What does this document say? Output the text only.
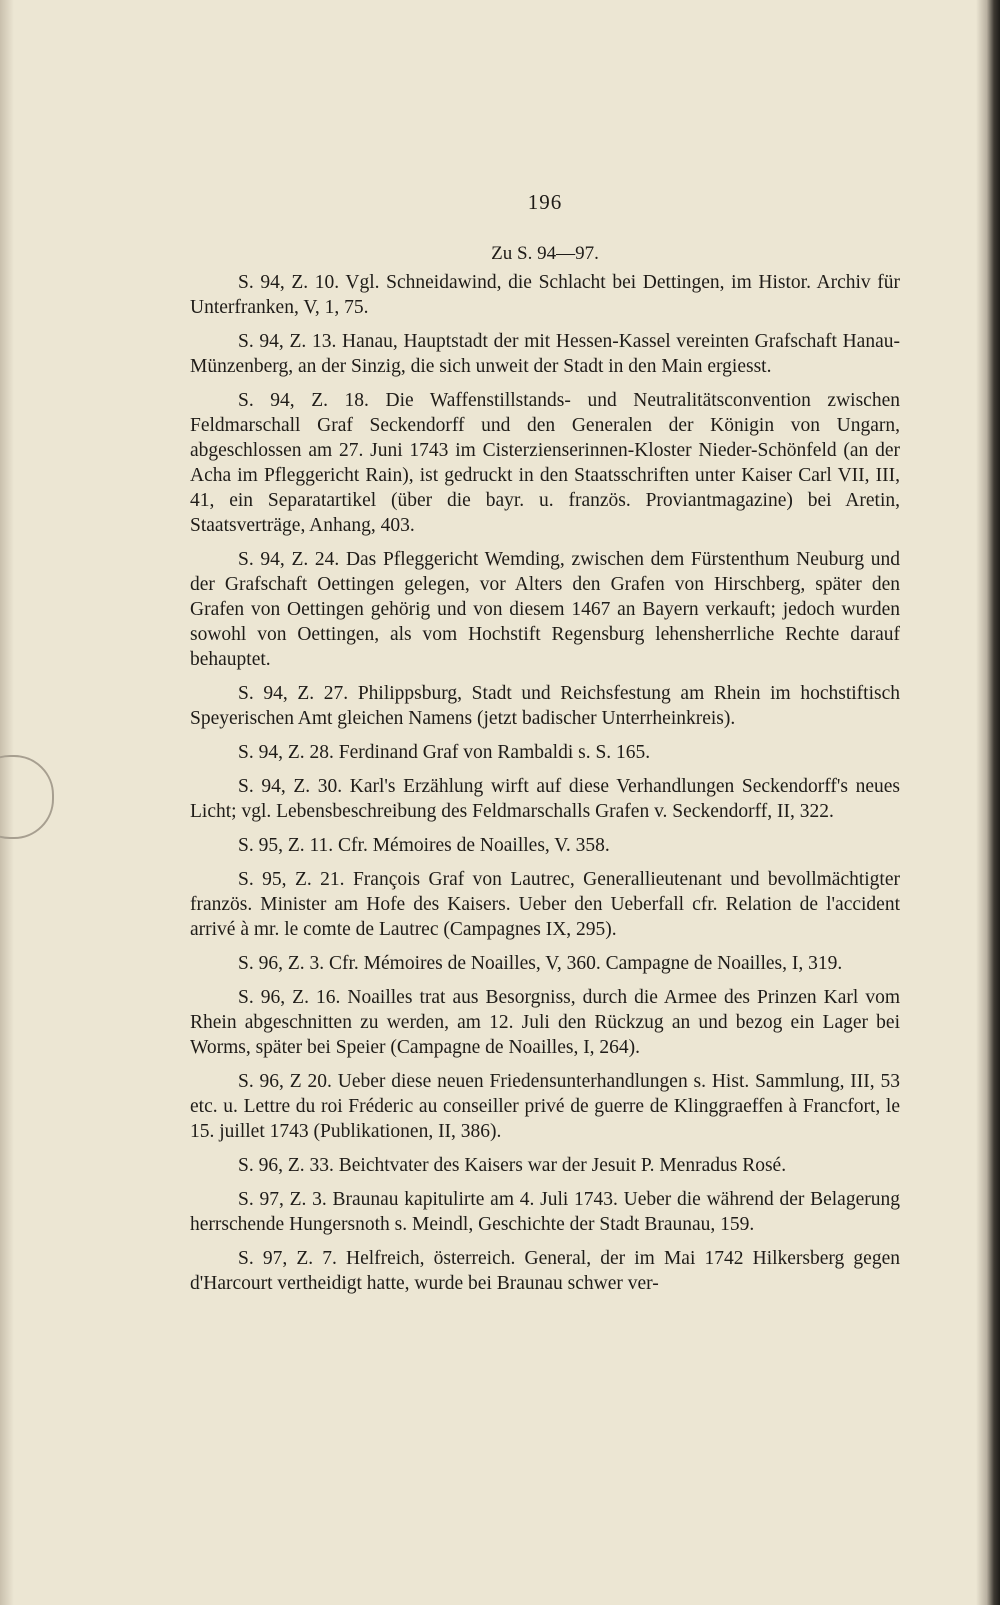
196
Zu S. 94—97.

S. 94, Z. 10. Vgl. Schneidawind, die Schlacht bei Dettingen, im Histor. Archiv für Unterfranken, V, 1, 75.

S. 94, Z. 13. Hanau, Hauptstadt der mit Hessen-Kassel vereinten Grafschaft Hanau-Münzenberg, an der Sinzig, die sich unweit der Stadt in den Main ergiesst.

S. 94, Z. 18. Die Waffenstillstands- und Neutralitätsconvention zwischen Feldmarschall Graf Seckendorff und den Generalen der Königin von Ungarn, abgeschlossen am 27. Juni 1743 im Cisterzienserinnen-Kloster Nieder-Schönfeld (an der Acha im Pfleggericht Rain), ist gedruckt in den Staatsschriften unter Kaiser Carl VII, III, 41, ein Separatartikel (über die bayr. u. französ. Proviantmagazine) bei Aretin, Staatsverträge, Anhang, 403.

S. 94, Z. 24. Das Pfleggericht Wemding, zwischen dem Fürstenthum Neuburg und der Grafschaft Oettingen gelegen, vor Alters den Grafen von Hirschberg, später den Grafen von Oettingen gehörig und von diesem 1467 an Bayern verkauft; jedoch wurden sowohl von Oettingen, als vom Hochstift Regensburg lehensherrliche Rechte darauf behauptet.

S. 94, Z. 27. Philippsburg, Stadt und Reichsfestung am Rhein im hochstiftisch Speyerischen Amt gleichen Namens (jetzt badischer Unterrheinkreis).

S. 94, Z. 28. Ferdinand Graf von Rambaldi s. S. 165.

S. 94, Z. 30. Karl's Erzählung wirft auf diese Verhandlungen Seckendorff's neues Licht; vgl. Lebensbeschreibung des Feldmarschalls Grafen v. Seckendorff, II, 322.

S. 95, Z. 11. Cfr. Mémoires de Noailles, V. 358.

S. 95, Z. 21. François Graf von Lautrec, Generallieutenant und bevollmächtigter französ. Minister am Hofe des Kaisers. Ueber den Ueberfall cfr. Relation de l'accident arrivé à mr. le comte de Lautrec (Campagnes IX, 295).

S. 96, Z. 3. Cfr. Mémoires de Noailles, V, 360. Campagne de Noailles, I, 319.

S. 96, Z. 16. Noailles trat aus Besorgniss, durch die Armee des Prinzen Karl vom Rhein abgeschnitten zu werden, am 12. Juli den Rückzug an und bezog ein Lager bei Worms, später bei Speier (Campagne de Noailles, I, 264).

S. 96, Z 20. Ueber diese neuen Friedensunterhandlungen s. Hist. Sammlung, III, 53 etc. u. Lettre du roi Fréderic au conseiller privé de guerre de Klinggraeffen à Francfort, le 15. juillet 1743 (Publikationen, II, 386).

S. 96, Z. 33. Beichtvater des Kaisers war der Jesuit P. Menradus Rosé.

S. 97, Z. 3. Braunau kapitulirte am 4. Juli 1743. Ueber die während der Belagerung herrschende Hungersnoth s. Meindl, Geschichte der Stadt Braunau, 159.

S. 97, Z. 7. Helfreich, österreich. General, der im Mai 1742 Hilkersberg gegen d'Harcourt vertheidigt hatte, wurde bei Braunau schwer ver-
